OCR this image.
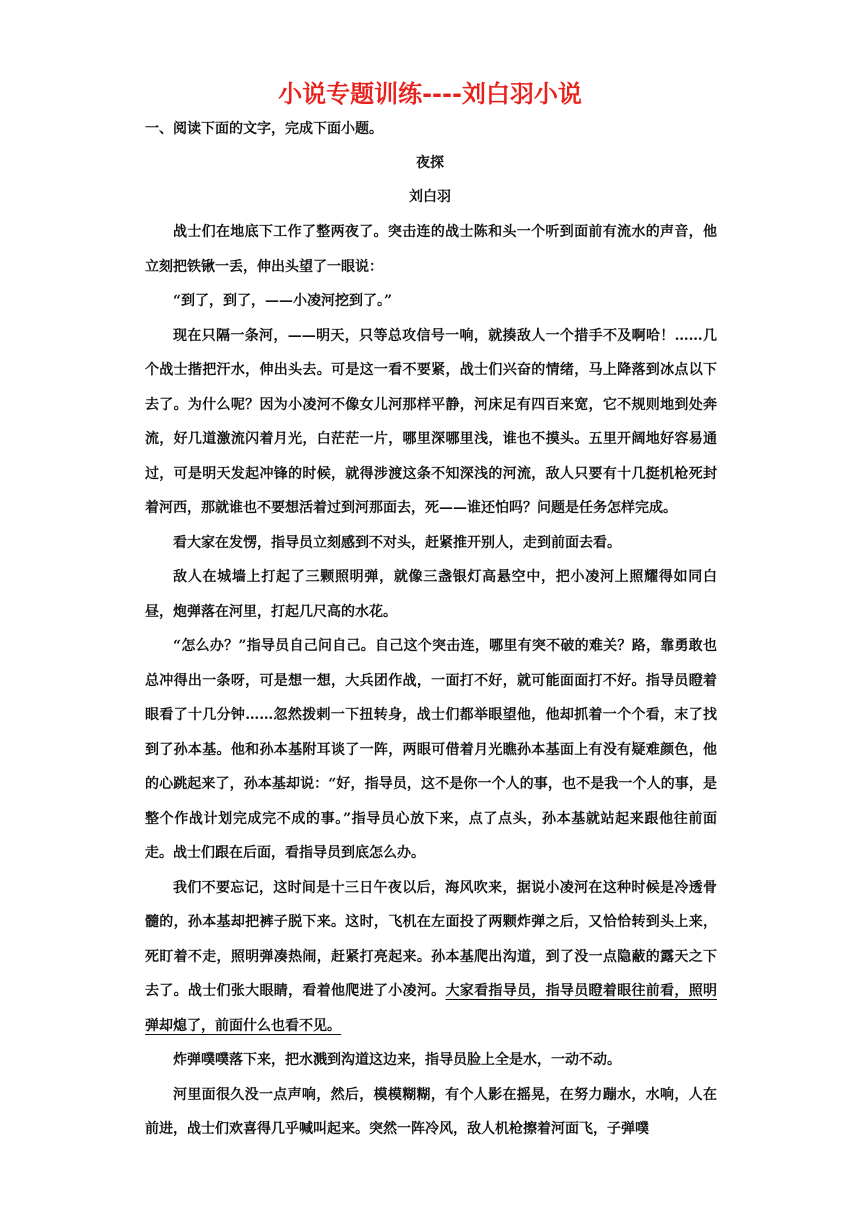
小说专题训练----刘白羽小说
一、阅读下面的文字，完成下面小题。
夜探
刘白羽

战士们在地底下工作了整两夜了。突击连的战士陈和头一个听到面前有流水的声音，他立刻把铁锹一丢，伸出头望了一眼说：

“到了，到了，——小凌河挖到了。”

现在只隔一条河，——明天，只等总攻信号一响，就揍敌人一个措手不及啊哈！……几个战士揩把汗水，伸出头去。可是这一看不要紧，战士们兴奋的情绪，马上降落到冰点以下去了。为什么呢？因为小凌河不像女儿河那样平静，河床足有四百来宽，它不规则地到处奔流，好几道激流闪着月光，白茫茫一片，哪里深哪里浅，谁也不摸头。五里开阔地好容易通过，可是明天发起冲锋的时候，就得涉渡这条不知深浅的河流，敌人只要有十几挺机枪死封着河西，那就谁也不要想活着过到河那面去，死——谁还怕吗？问题是任务怎样完成。

看大家在发愣，指导员立刻感到不对头，赶紧推开别人，走到前面去看。

敌人在城墙上打起了三颗照明弹，就像三盏银灯高悬空中，把小凌河上照耀得如同白昼，炮弹落在河里，打起几尺高的水花。

“怎么办？”指导员自己问自己。自己这个突击连，哪里有突不破的难关？路，靠勇敢也总冲得出一条呀，可是想一想，大兵团作战，一面打不好，就可能面面打不好。指导员瞪着眼看了十几分钟……忽然拨剌一下扭转身，战士们都举眼望他，他却抓着一个个看，末了找到了孙本基。他和孙本基附耳谈了一阵，两眼可借着月光瞧孙本基面上有没有疑难颜色，他的心跳起来了，孙本基却说：“好，指导员，这不是你一个人的事，也不是我一个人的事，是整个作战计划完成完不成的事。”指导员心放下来，点了点头，孙本基就站起来跟他往前面走。战士们跟在后面，看指导员到底怎么办。

我们不要忘记，这时间是十三日午夜以后，海风吹来，据说小凌河在这种时候是冷透骨髓的，孙本基却把裤子脱下来。这时，飞机在左面投了两颗炸弹之后，又恰恰转到头上来，死盯着不走，照明弹凑热闹，赶紧打亮起来。孙本基爬出沟道，到了没一点隐蔽的露天之下去了。战士们张大眼睛，看着他爬进了小凌河。大家看指导员，指导员瞪着眼往前看，照明弹却熄了，前面什么也看不见。

炸弹噗噗落下来，把水溅到沟道这边来，指导员脸上全是水，一动不动。

河里面很久没一点声响，然后，模模糊糊，有个人影在摇晃，在努力蹦水，水响，人在前进，战士们欢喜得几乎喊叫起来。突然一阵冷风，敌人机枪擦着河面飞，子弹噗
